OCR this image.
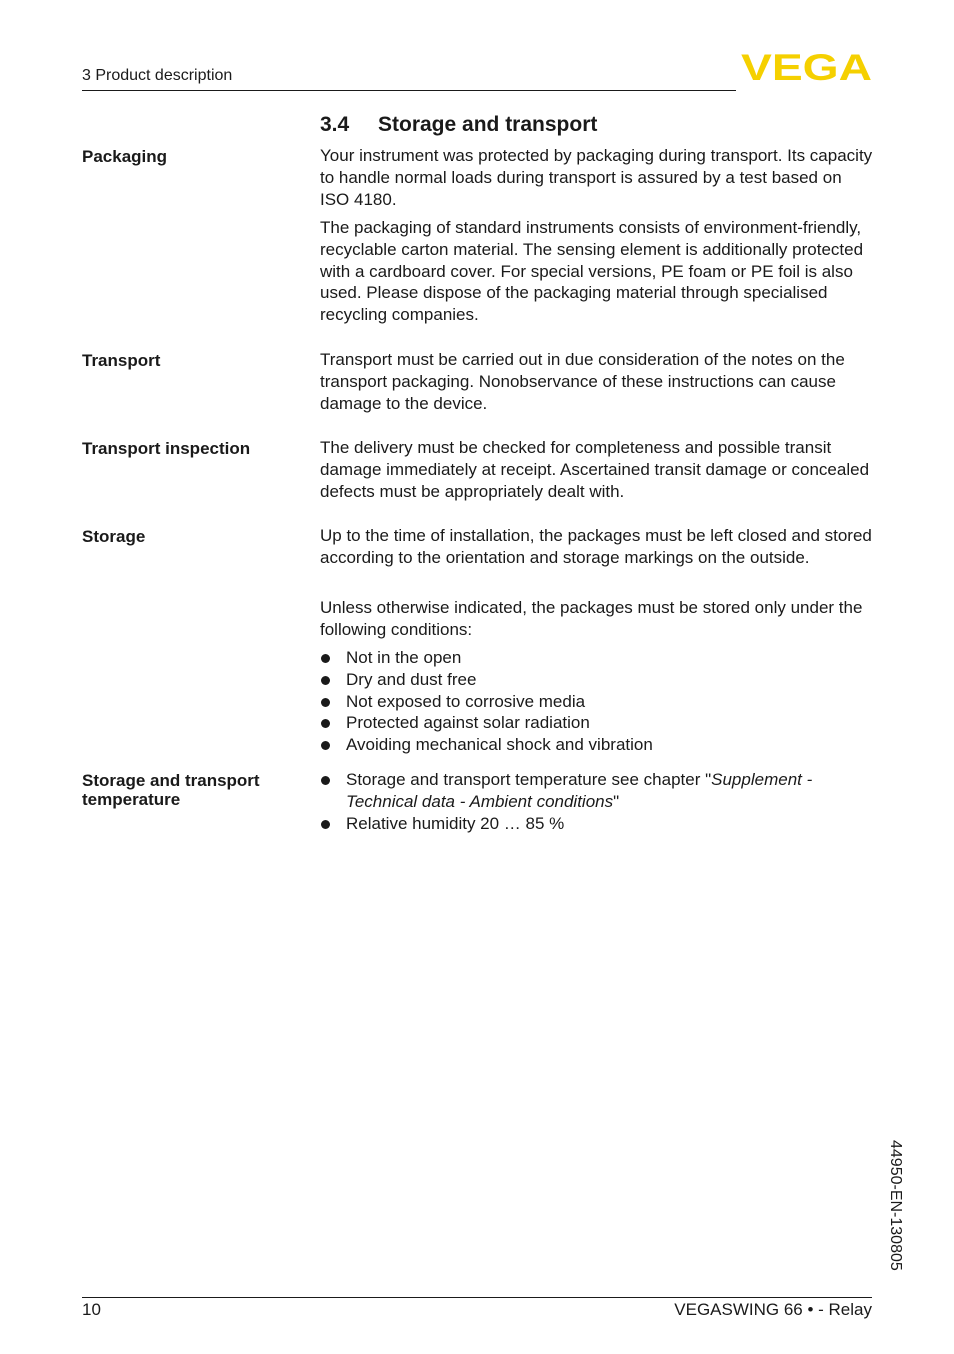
3 Product description	VEGA
3.4 Storage and transport
Packaging	Your instrument was protected by packaging during transport. Its capacity to handle normal loads during transport is assured by a test based on ISO 4180.
The packaging of standard instruments consists of environment-friendly, recyclable carton material. The sensing element is additionally protected with a cardboard cover. For special versions, PE foam or PE foil is also used. Please dispose of the packaging material through specialised recycling companies.
Transport	Transport must be carried out in due consideration of the notes on the transport packaging. Nonobservance of these instructions can cause damage to the device.
Transport inspection	The delivery must be checked for completeness and possible transit damage immediately at receipt. Ascertained transit damage or concealed defects must be appropriately dealt with.
Storage	Up to the time of installation, the packages must be left closed and stored according to the orientation and storage markings on the outside.
Unless otherwise indicated, the packages must be stored only under the following conditions:
Not in the open
Dry and dust free
Not exposed to corrosive media
Protected against solar radiation
Avoiding mechanical shock and vibration
Storage and transport temperature
Storage and transport temperature see chapter "Supplement - Technical data - Ambient conditions"
Relative humidity 20 … 85 %
44950-EN-130805
10	VEGASWING 66 • - Relay
